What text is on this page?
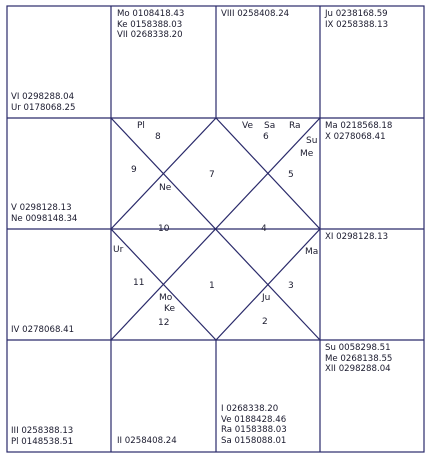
8	6
9	7	5
10	4
11	1	3
12	2
Pl	Ve Sa Ra
Su
Me
Ne
Ur	Ma
Mo
Ke
Ju
Mo 0108418.43
Ke 0158388.03
VII 0268338.20
VIII 0258408.24	Ju 0238168.59
IX 0258388.13
VI 0298288.04
Ur 0178068.25
Ma 0218568.18
X 0278068.41
V 0298128.13
Ne 0098148.34
XI 0298128.13
IV 0278068.41
III 0258388.13
Pl 0148538.51	II 0258408.24
I 0268338.20
Ve 0188428.46
Ra 0158388.03
Sa 0158088.01
Su 0058298.51
Me 0268138.55
XII 0298288.04
